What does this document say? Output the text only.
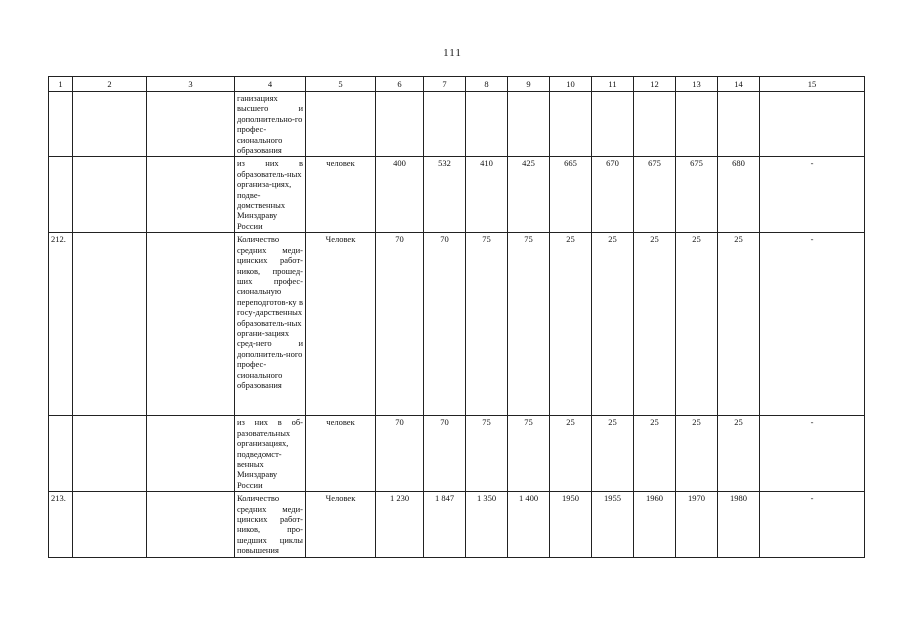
111
1	2	3	4	5	6	7	8	9	10	11	12	13	14	15
			ганизациях высшего и дополнительно-го профес-сионального образования											
			из них в образователь-ных организа-циях, подве-домственных Минздраву России	человек	400	532	410	425	665	670	675	675	680	-
212.			Количество средних меди-цинских работ-ников, прошед-ших профес-сиональную переподготов-ку в госу-дарственных образователь-ных органи-зациях сред-него и дополнитель-ного профес-сионального образования	Человек	70	70	75	75	25	25	25	25	25	-
			из них в об-разовательных организациях, подведомст-венных Минздраву России	человек	70	70	75	75	25	25	25	25	25	-
213.			Количество средних меди-цинских работ-ников, про-шедших циклы повышения	Человек	1 230	1 847	1 350	1 400	1950	1955	1960	1970	1980	-
